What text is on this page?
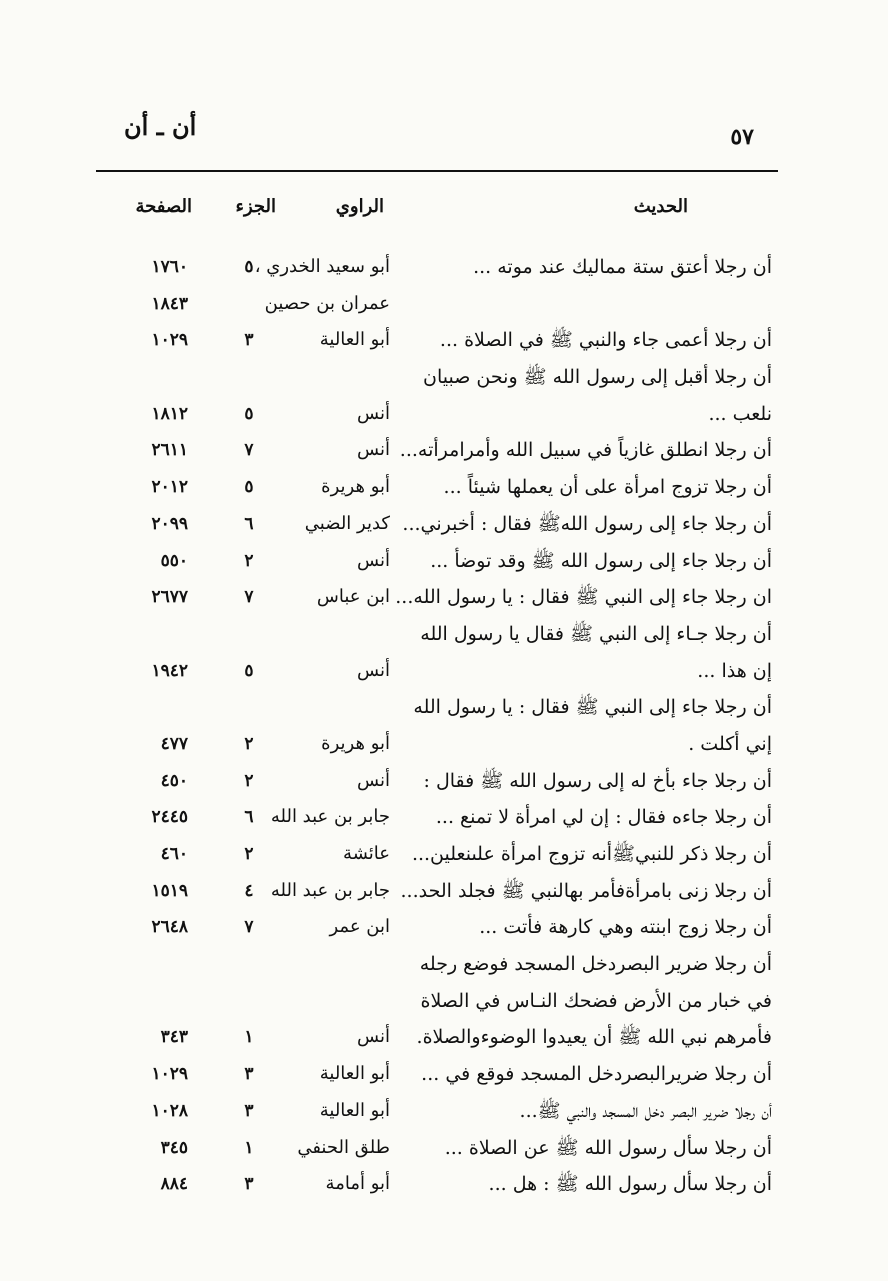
أن ـ أن	٥٧
الحديث
الراوي
الجزء
الصفحة
أن رجلا أعتق ستة مماليك عند موته ...
أبو سعيد الخدري ،
٥
١٧٦٠
عمران بن حصين
١٨٤٣
أن رجلا أعمى جاء والنبي ﷺ في الصلاة ...
أبو العالية
٣
١٠٢٩
أن رجلا أقبل إلى رسول الله ﷺ ونحن صبيان
نلعب ...
أنس
٥
١٨١٢
أن رجلا انطلق غازياً في سبيل الله وأمرامرأته...
أنس
٧
٢٦١١
أن رجلا تزوج امرأة على أن يعملها شيئاً ...
أبو هريرة
٥
٢٠١٢
أن رجلا جاء إلى رسول اللهﷺ فقال : أخبرني...
كدير الضبي
٦
٢٠٩٩
أن رجلا جاء إلى رسول الله ﷺ وقد توضأ ...
أنس
٢
٥٥٠
ان رجلا جاء إلى النبي ﷺ فقال : يا رسول الله...
ابن عباس
٧
٢٦٧٧
أن رجلا جـاء إلى النبي ﷺ فقال يا رسول الله
إن هذا ...
أنس
٥
١٩٤٢
أن رجلا جاء إلى النبي ﷺ فقال : يا رسول الله
إني أكلت .
أبو هريرة
٢
٤٧٧
أن رجلا جاء بأخ له إلى رسول الله ﷺ فقال :
أنس
٢
٤٥٠
أن رجلا جاءه فقال : إن لي امرأة لا تمنع ...
جابر بن عبد الله
٦
٢٤٤٥
أن رجلا ذكر للنبيﷺأنه تزوج امرأة علىنعلين...
عائشة
٢
٤٦٠
أن رجلا زنى بامرأةفأمر بهالنبي ﷺ فجلد الحد...
جابر بن عبد الله
٤
١٥١٩
أن رجلا زوج ابنته وهي كارهة فأتت ...
ابن عمر
٧
٢٦٤٨
أن رجلا ضرير البصردخل المسجد فوضع رجله
في خبار من الأرض فضحك النـاس في الصلاة
فأمرهم نبي الله ﷺ أن يعيدوا الوضوءوالصلاة.
أنس
١
٣٤٣
أن رجلا ضريرالبصردخل المسجد فوقع في ...
أبو العالية
٣
١٠٢٩
أن رجلا ضرير البصر دخل المسجد والنبي ﷺ...
أبو العالية
٣
١٠٢٨
أن رجلا سأل رسول الله ﷺ عن الصلاة ...
طلق الحنفي
١
٣٤٥
أن رجلا سأل رسول الله ﷺ : هل ...
أبو أمامة
٣
٨٨٤
